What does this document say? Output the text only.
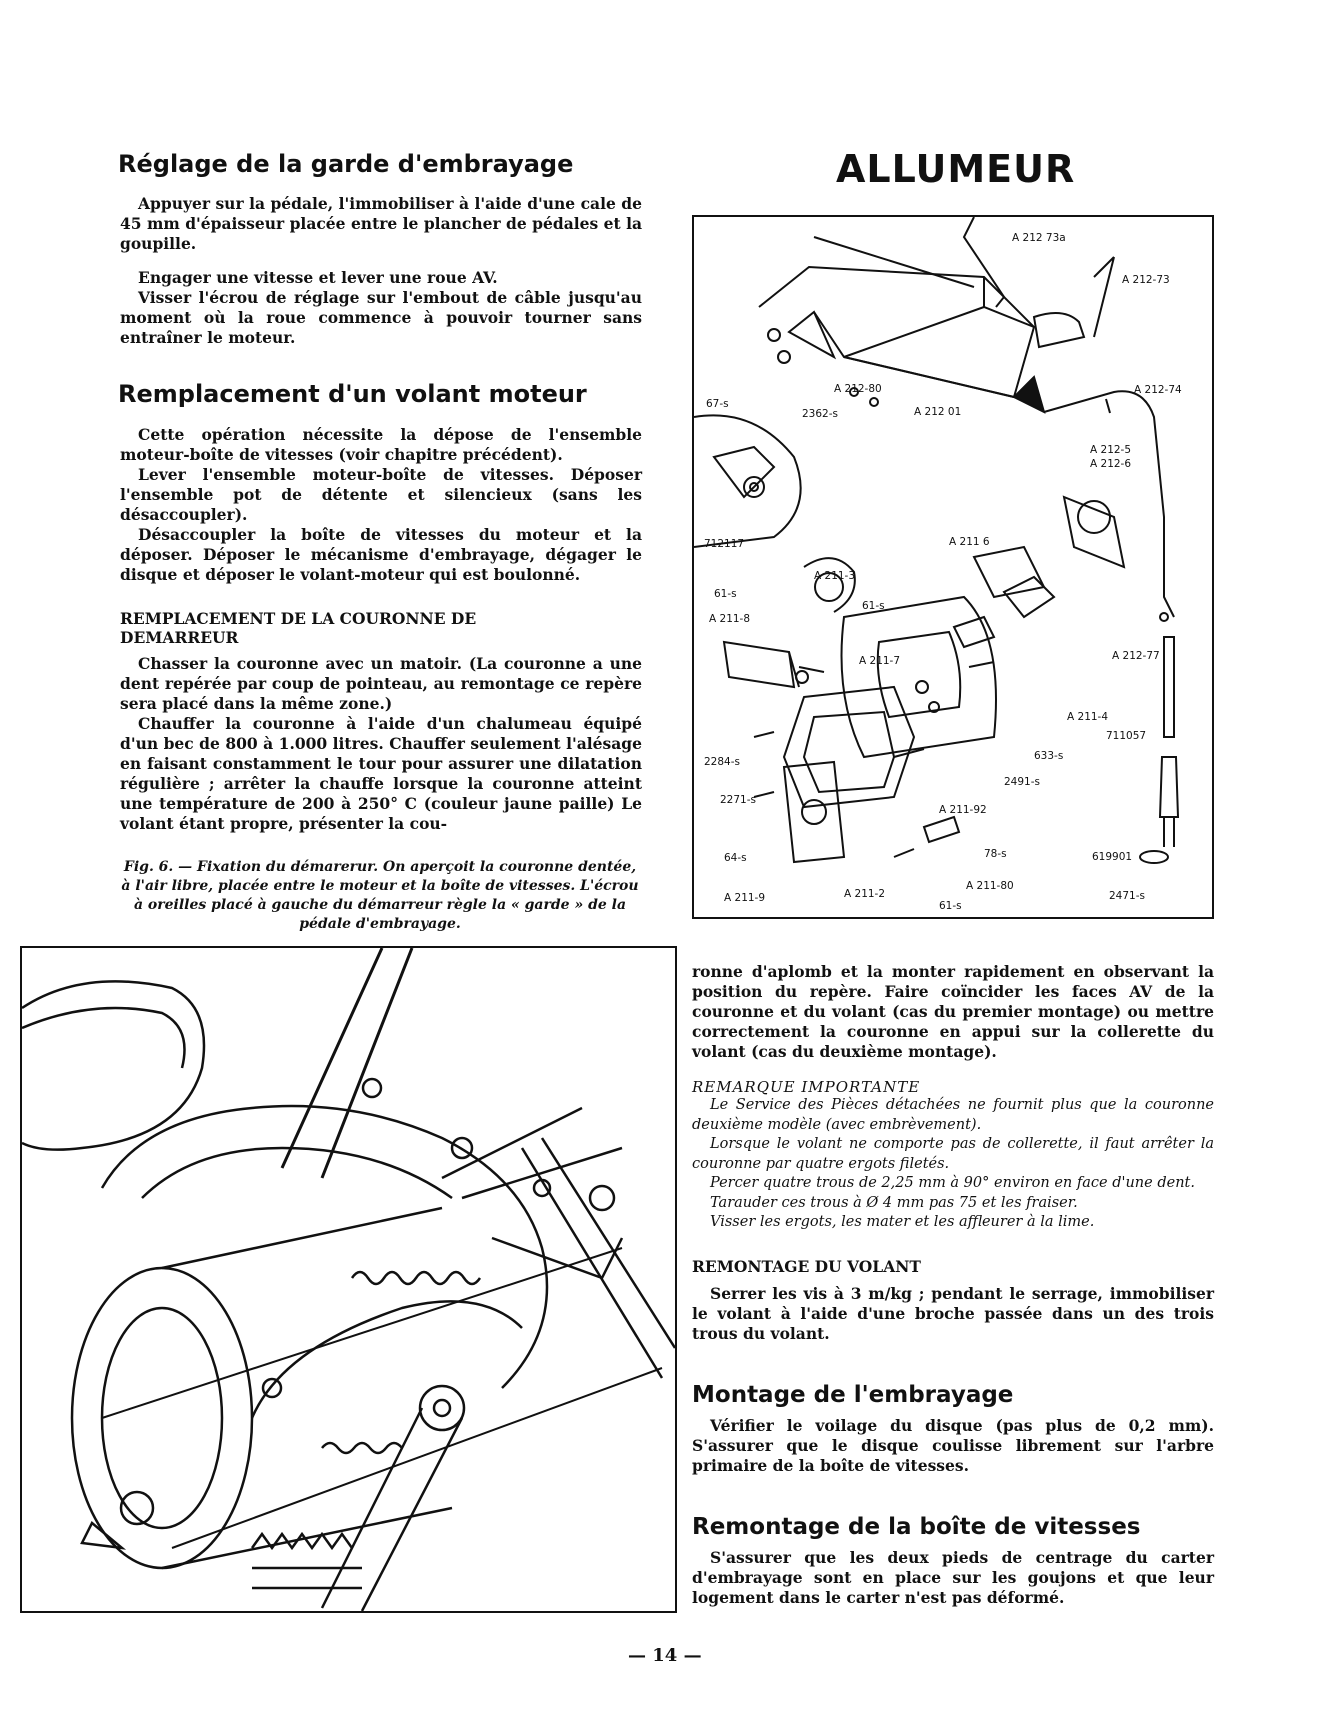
Réglage de la garde d'embrayage

Appuyer sur la pédale, l'immobiliser à l'aide d'une cale de 45 mm d'épaisseur placée entre le plancher de pédales et la goupille.

Engager une vitesse et lever une roue AV.

Visser l'écrou de réglage sur l'embout de câble jusqu'au moment où la roue commence à pouvoir tourner sans entraîner le moteur.

Remplacement d'un volant moteur

Cette opération nécessite la dépose de l'ensemble moteur-boîte de vitesses (voir chapitre précédent).

Lever l'ensemble moteur-boîte de vitesses. Déposer l'ensemble pot de détente et silencieux (sans les désaccoupler).

Désaccoupler la boîte de vitesses du moteur et la déposer. Déposer le mécanisme d'embrayage, dégager le disque et déposer le volant-moteur qui est boulonné.

REMPLACEMENT DE LA COURONNE DE DEMARREUR

Chasser la couronne avec un matoir. (La couronne a une dent repérée par coup de pointeau, au remontage ce repère sera placé dans la même zone.)

Chauffer la couronne à l'aide d'un chalumeau équipé d'un bec de 800 à 1.000 litres. Chauffer seulement l'alésage en faisant constamment le tour pour assurer une dilatation régulière ; arrêter la chauffe lorsque la couronne atteint une température de 200 à 250° C (couleur jaune paille) Le volant étant propre, présenter la cou-

Fig. 6. — Fixation du démarerur. On aperçoit la couronne dentée, à l'air libre, placée entre le moteur et la boîte de vitesses. L'écrou à oreilles placé à gauche du démarreur règle la « garde » de la pédale d'embrayage.

ALLUMEUR
A 212 73a
A 212-73
A 212-74
A 212-80
A 212 01
67-s
2362-s
A 212-5
A 212-6
712117	A 211 6
A 211-3
61-s
61-s
A 211-8
A 211-7	A 212-77
A 211-4
711057
633-s
2284-s
2491-s
2271-s
A 211-92
64-s	78-s	619901
A 211-80
A 211-9	A 211-2
61-s
2471-s

ronne d'aplomb et la monter rapidement en observant la position du repère. Faire coïncider les faces AV de la couronne et du volant (cas du premier montage) ou mettre correctement la couronne en appui sur la collerette du volant (cas du deuxième montage).

REMARQUE IMPORTANTE

Le Service des Pièces détachées ne fournit plus que la couronne deuxième modèle (avec embrèvement).

Lorsque le volant ne comporte pas de collerette, il faut arrêter la couronne par quatre ergots filetés.

Percer quatre trous de 2,25 mm à 90° environ en face d'une dent.

Tarauder ces trous à Ø 4 mm pas 75 et les fraiser.

Visser les ergots, les mater et les affleurer à la lime.

REMONTAGE DU VOLANT

Serrer les vis à 3 m/kg ; pendant le serrage, immobiliser le volant à l'aide d'une broche passée dans un des trois trous du volant.

Montage de l'embrayage

Vérifier le voilage du disque (pas plus de 0,2 mm). S'assurer que le disque coulisse librement sur l'arbre primaire de la boîte de vitesses.

Remontage de la boîte de vitesses

S'assurer que les deux pieds de centrage du carter d'embrayage sont en place sur les goujons et que leur logement dans le carter n'est pas déformé.

— 14 —
